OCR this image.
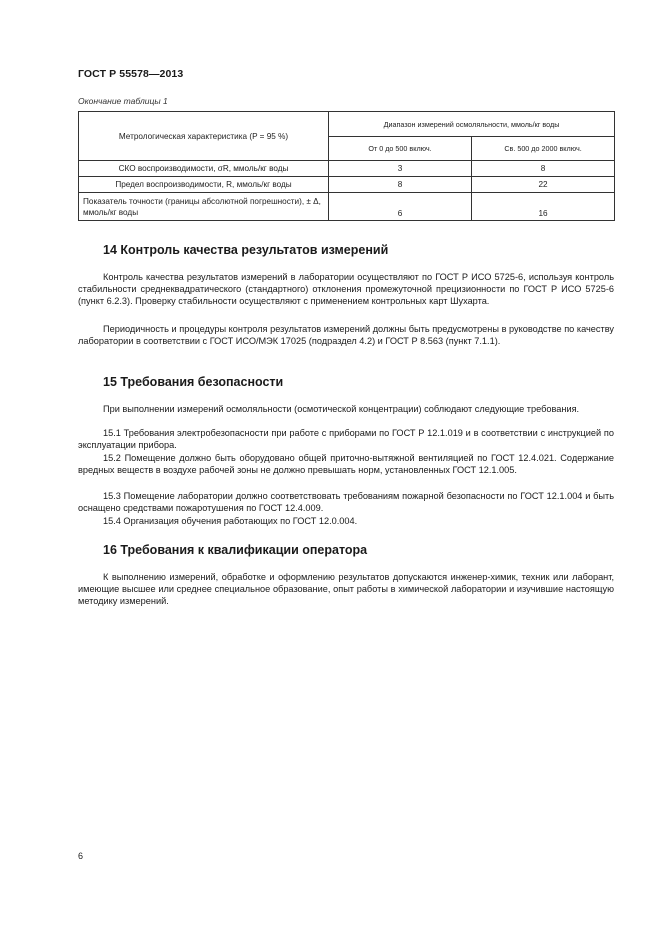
ГОСТ Р 55578—2013
Окончание таблицы 1
Метрологическая характеристика (P = 95 %)	Диапазон измерений осмоляльности, ммоль/кг воды	
	От 0 до 500 включ.	Св. 500 до 2000 включ.
СКО воспроизводимости, σR, ммоль/кг воды	3	8
Предел воспроизводимости, R, ммоль/кг воды	8	22
Показатель точности (границы абсолютной погрешности), ± Δ, ммоль/кг воды	6	16
14 Контроль качества результатов измерений

Контроль качества результатов измерений в лаборатории осуществляют по ГОСТ Р ИСО 5725-6, используя контроль стабильности среднеквадратического (стандартного) отклонения промежуточной прецизионности по ГОСТ Р ИСО 5725-6 (пункт 6.2.3). Проверку стабильности осуществляют с применением контрольных карт Шухарта.

Периодичность и процедуры контроля результатов измерений должны быть предусмотрены в руководстве по качеству лаборатории в соответствии с ГОСТ ИСО/МЭК 17025 (подраздел 4.2) и ГОСТ Р 8.563 (пункт 7.1.1).

15 Требования безопасности

При выполнении измерений осмоляльности (осмотической концентрации) соблюдают следующие требования.

15.1 Требования электробезопасности при работе с приборами по ГОСТ Р 12.1.019 и в соответствии с инструкцией по эксплуатации прибора.

15.2 Помещение должно быть оборудовано общей приточно-вытяжной вентиляцией по ГОСТ 12.4.021. Содержание вредных веществ в воздухе рабочей зоны не должно превышать норм, установленных ГОСТ 12.1.005.

15.3 Помещение лаборатории должно соответствовать требованиям пожарной безопасности по ГОСТ 12.1.004 и быть оснащено средствами пожаротушения по ГОСТ 12.4.009.

15.4 Организация обучения работающих по ГОСТ 12.0.004.

16 Требования к квалификации оператора

К выполнению измерений, обработке и оформлению результатов допускаются инженер-химик, техник или лаборант, имеющие высшее или среднее специальное образование, опыт работы в химической лаборатории и изучившие настоящую методику измерений.

6
